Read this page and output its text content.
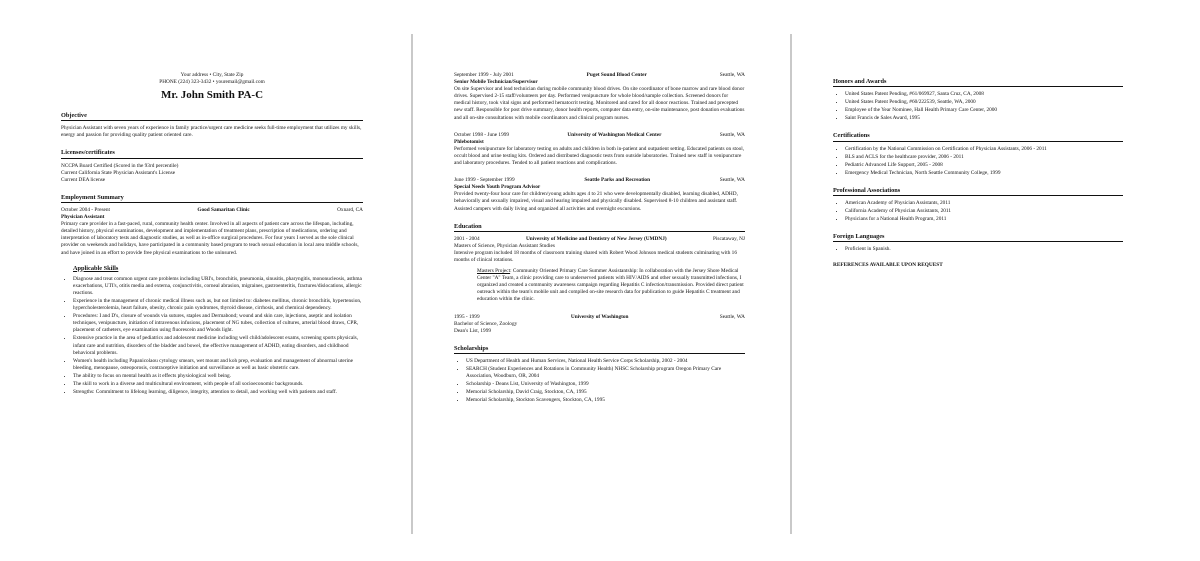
Your address • City, State Zip
PHONE (224) 323-3432 • youremail@gmail.com
Mr. John Smith PA-C
Objective

Physician Assistant with seven years of experience in family practice/urgent care medicine seeks full-time employment that utilizes my skills, energy and passion for providing quality patient oriented care.

Licenses/certificates
NCCPA Board Certified (Scored in the 93rd percentile)
Current California State Physician Assistant's License
Current DEA license
Employment Summary
October 2004 - Present	Good Samaritan Clinic	Oxnard, CA
Physician Assistant

Primary care provider in a fast-paced, rural, community health center. Involved in all aspects of patient care across the lifespan, including, detailed history, physical examinations, development and implementation of treatment plans, prescription of medications, ordering and interpretation of laboratory tests and diagnostic studies, as well as in-office surgical procedures. For four years I served as the sole clinical provider on weekends and holidays, have participated in a community based program to teach sexual education in local area middle schools, and have joined in an effort to provide free physical examinations to the uninsured.

Applicable Skills
• Diagnose and treat common urgent care problems including URI's, bronchitis, pneumonia, sinusitis, pharyngitis, mononucleosis, asthma exacerbations, UTI's, otitis media and externa, conjunctivitis, corneal abrasion, migraines, gastroenteritis, fractures/dislocations, allergic reactions.
• Experience in the management of chronic medical illness such as, but not limited to: diabetes mellitus, chronic bronchitis, hypertension, hypercholesterolemia, heart failure, obesity, chronic pain syndromes, thyroid disease, cirrhosis, and chemical dependency.
• Procedures: I and D's, closure of wounds via sutures, staples and Dermabond; wound and skin care, injections, aseptic and isolation techniques, venipuncture, initiation of intravenous infusions, placement of NG tubes, collection of cultures, arterial blood draws, CPR, placement of catheters, eye examination using fluorescein and Woods light.
• Extensive practice in the area of pediatrics and adolescent medicine including well child/adolescent exams, screening sports physicals, infant care and nutrition, disorders of the bladder and bowel, the effective management of ADHD, eating disorders, and childhood behavioral problems.
• Women's health including Papanicolaou cytology smears, wet mount and koh prep, evaluation and management of abnormal uterine bleeding, menopause, osteoporosis, contraceptive initiation and surveillance as well as basic obstetric care.
• The ability to focus on mental health as it effects physiological well being.
• The skill to work in a diverse and multicultural environment, with people of all socioeconomic backgrounds.
• Strengths: Commitment to lifelong learning, diligence, integrity, attention to detail, and working well with patients and staff.
September 1999 - July 2001	Puget Sound Blood Center	Seattle, WA
Senior Mobile Technician/Supervisor

On site Supervisor and lead technician during mobile community blood drives. On site coordinator of bone marrow and rare blood donor drives. Supervised 2-15 staff/volunteers per day. Performed venipuncture for whole blood/sample collection. Screened donors for medical history, took vital signs and performed hematocrit testing. Monitored and cared for all donor reactions. Trained and precepted new staff. Responsible for post drive summary, donor health reports, computer data entry, on-site maintenance, post donation evaluations and all on-site consultations with mobile coordinators and clinical program nurses.

October 1998 - June 1999	University of Washington Medical Center	Seattle, WA
Phlebotomist

Performed venipuncture for laboratory testing on adults and children in both in-patient and outpatient setting. Educated patients on stool, occult blood and urine testing kits. Ordered and distributed diagnostic tests from outside laboratories. Trained new staff in venipuncture and laboratory procedures. Tended to all patient reactions and complications.

June 1999 - September 1999	Seattle Parks and Recreation	Seattle, WA
Special Needs Youth Program Advisor

Provided twenty-four hour care for children/young adults ages 4 to 21 who were developmentally disabled, learning disabled, ADHD, behaviorally and sexually impaired, visual and hearing impaired and physically disabled. Supervised 8-10 children and assistant staff. Assisted campers with daily living and organized all activities and overnight excursions.

Education
2001 - 2004	University of Medicine and Dentistry of New Jersey (UMDNJ)	Piscataway, NJ
Masters of Science, Physician Assistant Studies

Intensive program included 18 months of classroom training shared with Robert Wood Johnson medical students culminating with 16 months of clinical rotations.

Masters Project: Community Oriented Primary Care Summer Assistantship: In collaboration with the Jersey Shore Medical Center "A" Team, a clinic providing care to underserved patients with HIV/AIDS and other sexually transmitted infections, I organized and created a community awareness campaign regarding Hepatitis C infection/transmission. Provided direct patient outreach within the team's mobile unit and compiled on-site research data for publication to guide Hepatitis C treatment and education within the clinic.

1995 - 1999	University of Washington	Seattle, WA
Bachelor of Science, Zoology
Dean's List, 1999
Scholarships
• US Department of Health and Human Services, National Health Service Corps Scholarship, 2002 - 2004
• SEARCH (Student Experiences and Rotations in Community Health) NHSC Scholarship program Oregon Primary Care Association, Woodburn, OR, 2004
• Scholarship - Deans List, University of Washington, 1999
• Memorial Scholarship, David Craig, Stockton, CA, 1995
• Memorial Scholarship, Stockton Scavengers, Stockton, CA, 1995
Honors and Awards
• United States Patent Pending, #61/069927, Santa Cruz, CA, 2008
• United States Patent Pending, #60/222539, Seattle, WA, 2000
• Employee of the Year Nominee, Hall Health Primary Care Center, 2000
• Saint Francis de Sales Award, 1995
Certifications
• Certification by the National Commission on Certification of Physician Assistants, 2006 - 2011
• BLS and ACLS for the healthcare provider, 2006 - 2011
• Pediatric Advanced Life Support, 2005 - 2008
• Emergency Medical Technician, North Seattle Community College, 1999
Professional Associations
• American Academy of Physician Assistants, 2011
• California Academy of Physician Assistants, 2011
• Physicians for a National Health Program, 2011
Foreign Languages
• Proficient in Spanish.
REFERENCES AVAILABLE UPON REQUEST
